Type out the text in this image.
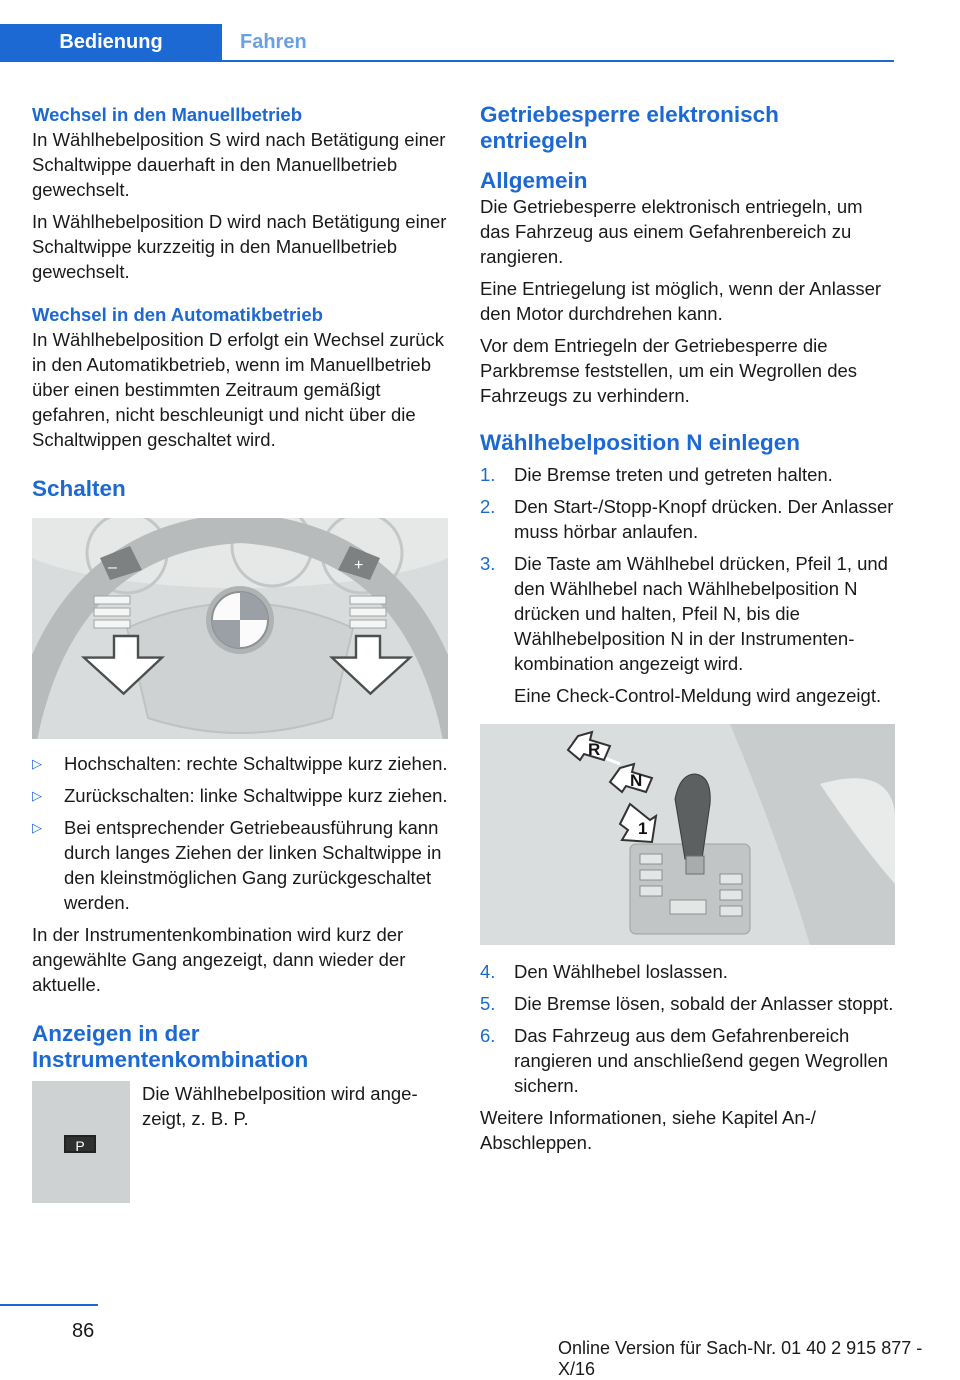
Bedienung	Fahren
Wechsel in den Manuellbetrieb

In Wählhebelposition S wird nach Betätigung einer Schaltwippe dauerhaft in den Manuellbetrieb gewechselt.

In Wählhebelposition D wird nach Betätigung einer Schaltwippe kurzzeitig in den Manuellbetrieb gewechselt.

Wechsel in den Automatikbetrieb

In Wählhebelposition D erfolgt ein Wechsel zurück in den Automatikbetrieb, wenn im Manuellbetrieb über einen bestimmten Zeitraum gemäßigt gefahren, nicht beschleunigt und nicht über die Schaltwippen geschaltet wird.

Schalten
–	+
▷ Hochschalten: rechte Schaltwippe kurz ziehen.
▷ Zurückschalten: linke Schaltwippe kurz ziehen.
▷ Bei entsprechender Getriebeausführung kann durch langes Ziehen der linken Schaltwippe in den kleinstmöglichen Gang zurückgeschaltet werden.

In der Instrumentenkombination wird kurz der angewählte Gang angezeigt, dann wieder der aktuelle.

Anzeigen in der
Instrumentenkombination
P

Die Wählhebelposition wird angezeigt, z. B. P.

Getriebesperre elektronisch
entriegeln
Allgemein

Die Getriebesperre elektronisch entriegeln, um das Fahrzeug aus einem Gefahrenbereich zu rangieren.

Eine Entriegelung ist möglich, wenn der Anlasser den Motor durchdrehen kann.

Vor dem Entriegeln der Getriebesperre die Parkbremse feststellen, um ein Wegrollen des Fahrzeugs zu verhindern.

Wählhebelposition N einlegen
1. Die Bremse treten und getreten halten.
2. Den Start-/Stopp-Knopf drücken. Der Anlasser muss hörbar anlaufen.
3. Die Taste am Wählhebel drücken, Pfeil 1, und den Wählhebel nach Wählhebelposition N drücken und halten, Pfeil N, bis die Wählhebelposition N in der Instrumentenkombination angezeigt wird.

Eine Check-Control-Meldung wird angezeigt.

R
N
1
4. Den Wählhebel loslassen.
5. Die Bremse lösen, sobald der Anlasser stoppt.
6. Das Fahrzeug aus dem Gefahrenbereich rangieren und anschließend gegen Wegrollen sichern.

Weitere Informationen, siehe Kapitel An-/ Abschleppen.

86
Online Version für Sach-Nr. 01 40 2 915 877 - X/16
